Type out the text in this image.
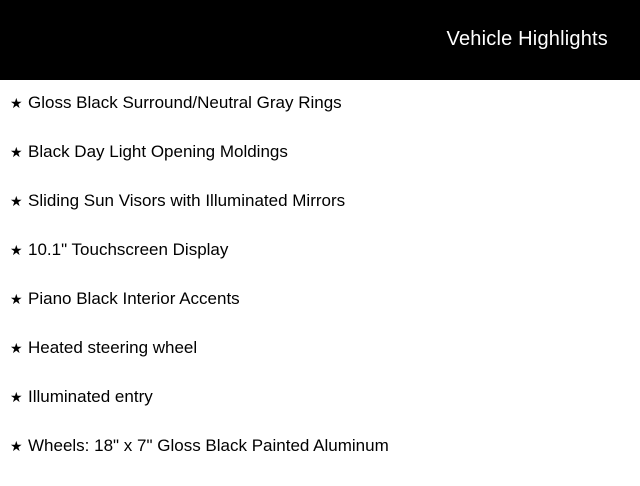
Vehicle Highlights
★ Gloss Black Surround/Neutral Gray Rings
★ Black Day Light Opening Moldings
★ Sliding Sun Visors with Illuminated Mirrors
★ 10.1" Touchscreen Display
★ Piano Black Interior Accents
★ Heated steering wheel
★ Illuminated entry
★ Wheels: 18" x 7" Gloss Black Painted Aluminum
